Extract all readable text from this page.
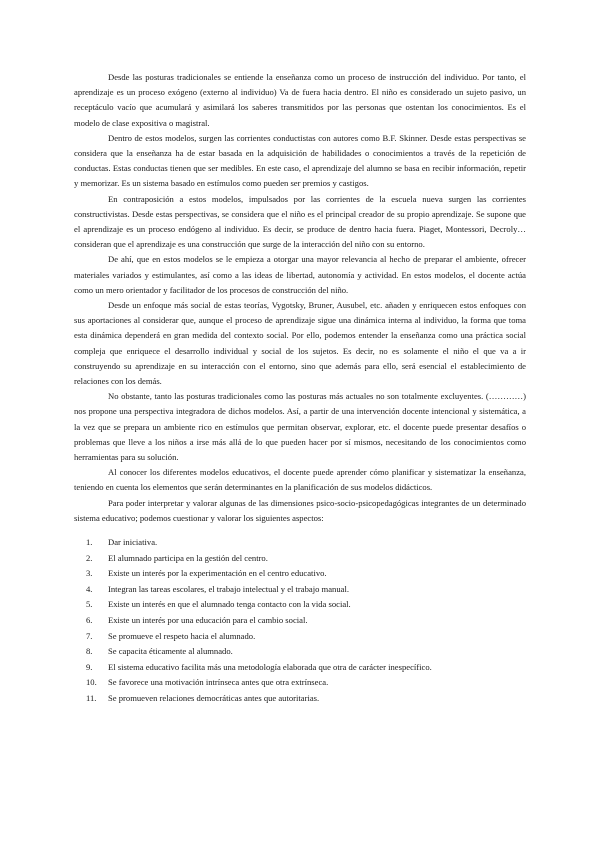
Desde las posturas tradicionales se entiende la enseñanza como un proceso de instrucción del individuo. Por tanto, el aprendizaje es un proceso exógeno (externo al individuo) Va de fuera hacia dentro. El niño es considerado un sujeto pasivo, un receptáculo vacío que acumulará y asimilará los saberes transmitidos por las personas que ostentan los conocimientos. Es el modelo de clase expositiva o magistral.

Dentro de estos modelos, surgen las corrientes conductistas con autores como B.F. Skinner. Desde estas perspectivas se considera que la enseñanza ha de estar basada en la adquisición de habilidades o conocimientos a través de la repetición de conductas. Estas conductas tienen que ser medibles. En este caso, el aprendizaje del alumno se basa en recibir información, repetir y memorizar. Es un sistema basado en estímulos como pueden ser premios y castigos.

En contraposición a estos modelos, impulsados por las corrientes de la escuela nueva surgen las corrientes constructivistas. Desde estas perspectivas, se considera que el niño es el principal creador de su propio aprendizaje. Se supone que el aprendizaje es un proceso endógeno al individuo. Es decir, se produce de dentro hacia fuera. Piaget, Montessori, Decroly… consideran que el aprendizaje es una construcción que surge de la interacción del niño con su entorno.

De ahí, que en estos modelos se le empieza a otorgar una mayor relevancia al hecho de preparar el ambiente, ofrecer materiales variados y estimulantes, así como a las ideas de libertad, autonomía y actividad. En estos modelos, el docente actúa como un mero orientador y facilitador de los procesos de construcción del niño.

Desde un enfoque más social de estas teorías, Vygotsky, Bruner, Ausubel, etc. añaden y enriquecen estos enfoques con sus aportaciones al considerar que, aunque el proceso de aprendizaje sigue una dinámica interna al individuo, la forma que toma esta dinámica dependerá en gran medida del contexto social. Por ello, podemos entender la enseñanza como una práctica social compleja que enriquece el desarrollo individual y social de los sujetos. Es decir, no es solamente el niño el que va a ir construyendo su aprendizaje en su interacción con el entorno, sino que además para ello, será esencial el establecimiento de relaciones con los demás.

No obstante, tanto las posturas tradicionales como las posturas más actuales no son totalmente excluyentes. (…………) nos propone una perspectiva integradora de dichos modelos. Así, a partir de una intervención docente intencional y sistemática, a la vez que se prepara un ambiente rico en estímulos que permitan observar, explorar, etc. el docente puede presentar desafíos o problemas que lleve a los niños a irse más allá de lo que pueden hacer por sí mismos, necesitando de los conocimientos como herramientas para su solución.

Al conocer los diferentes modelos educativos, el docente puede aprender cómo planificar y sistematizar la enseñanza, teniendo en cuenta los elementos que serán determinantes en la planificación de sus modelos didácticos.

Para poder interpretar y valorar algunas de las dimensiones psico-socio-psicopedagógicas integrantes de un determinado sistema educativo; podemos cuestionar y valorar los siguientes aspectos:

1. Dar iniciativa.
2. El alumnado participa en la gestión del centro.
3. Existe un interés por la experimentación en el centro educativo.
4. Integran las tareas escolares, el trabajo intelectual y el trabajo manual.
5. Existe un interés en que el alumnado tenga contacto con la vida social.
6. Existe un interés por una educación para el cambio social.
7. Se promueve el respeto hacia el alumnado.
8. Se capacita éticamente al alumnado.
9. El sistema educativo facilita más una metodología elaborada que otra de carácter inespecífico.
10. Se favorece una motivación intrínseca antes que otra extrínseca.
11. Se promueven relaciones democráticas antes que autoritarias.
